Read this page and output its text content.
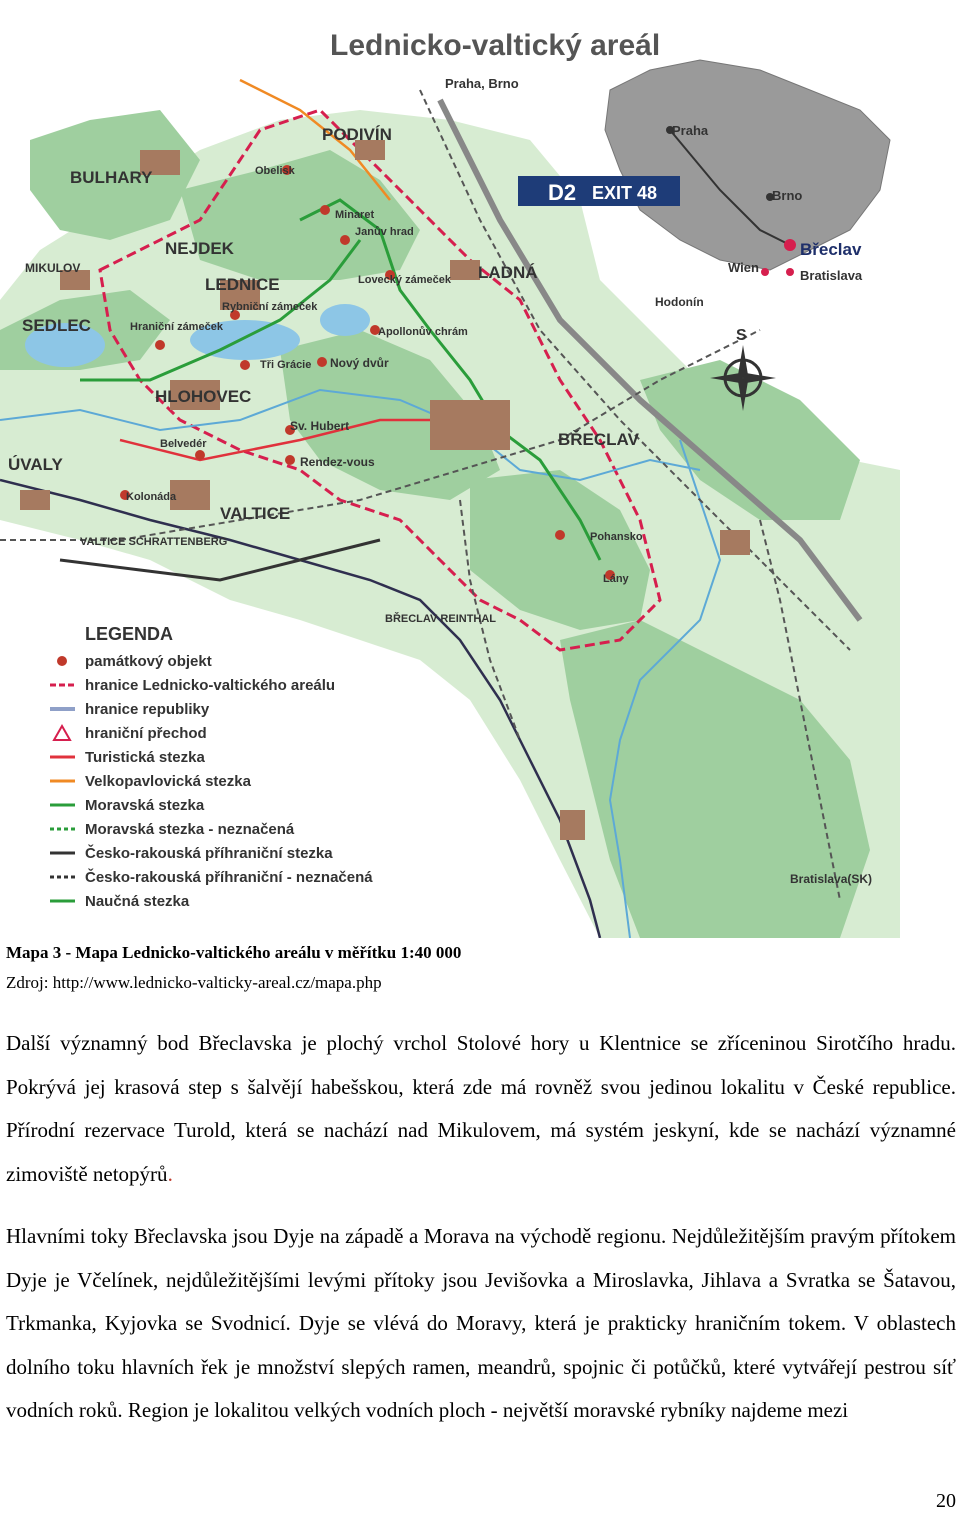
Lednicko-valtický areál
Praha
Brno
Břeclav
Wien
Bratislava
D2 EXIT 48
S
Praha, Brno
PODIVÍN
BULHARY	Obelisk
Minaret
Janův hrad
NEJDEK
MIKULOV
LEDNICE
Rybniční zámeček
Lovecký zámeček LADNÁ
Hodonín
SEDLEC	Hraniční zámeček	Apollonův chrám
Tři Grácie Nový dvůr
HLOHOVEC
Sv. Hubert
BŘECLAV
Belvedér
Rendez-vous
ÚVALY
Kolonáda
VALTICE
Pohansko
VALTICE SCHRATTENBERG
Lány
BŘECLAV REINTHAL
Bratislava(SK)
LEGENDA
památkový objekt
hranice Lednicko-valtického areálu
hranice republiky
hraniční přechod
Turistická stezka
Velkopavlovická stezka
Moravská stezka
Moravská stezka - neznačená
Česko-rakouská příhraniční stezka
Česko-rakouská příhraniční - neznačená
Naučná stezka

Mapa 3 - Mapa Lednicko-valtického areálu v měřítku 1:40 000

Zdroj: http://www.lednicko-valticky-areal.cz/mapa.php

Další významný bod Břeclavska je plochý vrchol Stolové hory u Klentnice se zříceninou Sirotčího hradu. Pokrývá jej krasová step s šalvějí habešskou, která zde má rovněž svou jedinou lokalitu v České republice. Přírodní rezervace Turold, která se nachází nad Mikulovem, má systém jeskyní, kde se nachází významné zimoviště netopýrů.

Hlavními toky Břeclavska jsou Dyje na západě a Morava na východě regionu. Nejdůležitějším pravým přítokem Dyje je Včelínek, nejdůležitějšími levými přítoky jsou Jevišovka a Miroslavka, Jihlava a Svratka se Šatavou, Trkmanka, Kyjovka se Svodnicí. Dyje se vlévá do Moravy, která je prakticky hraničním tokem. V oblastech dolního toku hlavních řek je množství slepých ramen, meandrů, spojnic či potůčků, které vytvářejí pestrou síť vodních roků. Region je lokalitou velkých vodních ploch - největší moravské rybníky najdeme mezi

20
